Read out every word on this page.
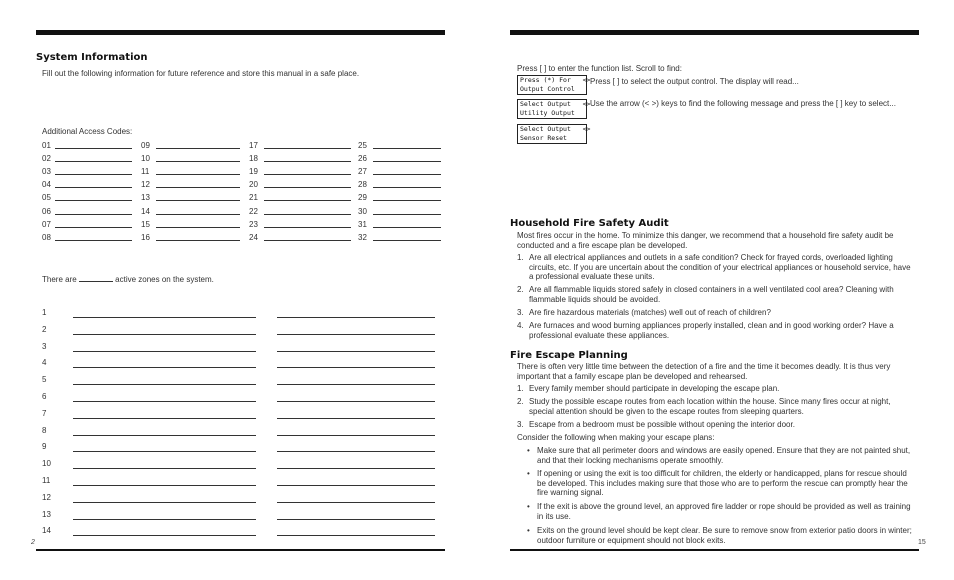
System Information
Fill out the following information for future reference and store this manual in a safe place.
Additional Access Codes:
01	09	17	25
02	10	18	26
03	11	19	27
04	12	20	28
05	13	21	29
06	14	22	30
07	15	23	31
08	16	24	32
There are	active zones on the system.
1
2
3
4
5
6
7
8
9
10
11
12
13
14
2
Press [ ] to enter the function list. Scroll to find:
Press (*) For   <>
Output Control
Press [ ] to select the output control. The display will read...
Select Output   <>
Utility Output
Use the arrow (< >) keys to find the following message and press the [ ] key to select...
Select Output   <>
Sensor Reset
Household Fire Safety Audit
Most fires occur in the home. To minimize this danger, we recommend that a household fire safety audit be conducted and a fire escape plan be developed.
1. Are all electrical appliances and outlets in a safe condition? Check for frayed cords, overloaded lighting circuits, etc. If you are uncertain about the condition of your electrical appliances or household service, have a professional evaluate these units.
2. Are all flammable liquids stored safely in closed containers in a well ventilated cool area? Cleaning with flammable liquids should be avoided.
3. Are fire hazardous materials (matches) well out of reach of children?
4. Are furnaces and wood burning appliances properly installed, clean and in good working order? Have a professional evaluate these appliances.
Fire Escape Planning
There is often very little time between the detection of a fire and the time it becomes deadly. It is thus very important that a family escape plan be developed and rehearsed.
1. Every family member should participate in developing the escape plan.
2. Study the possible escape routes from each location within the house. Since many fires occur at night, special attention should be given to the escape routes from sleeping quarters.
3. Escape from a bedroom must be possible without opening the interior door.
Consider the following when making your escape plans:
• Make sure that all perimeter doors and windows are easily opened. Ensure that they are not painted shut, and that their locking mechanisms operate smoothly.
• If opening or using the exit is too difficult for children, the elderly or handicapped, plans for rescue should be developed. This includes making sure that those who are to perform the rescue can promptly hear the fire warning signal.
• If the exit is above the ground level, an approved fire ladder or rope should be provided as well as training in its use.
• Exits on the ground level should be kept clear. Be sure to remove snow from exterior patio doors in winter; outdoor furniture or equipment should not block exits.	15
